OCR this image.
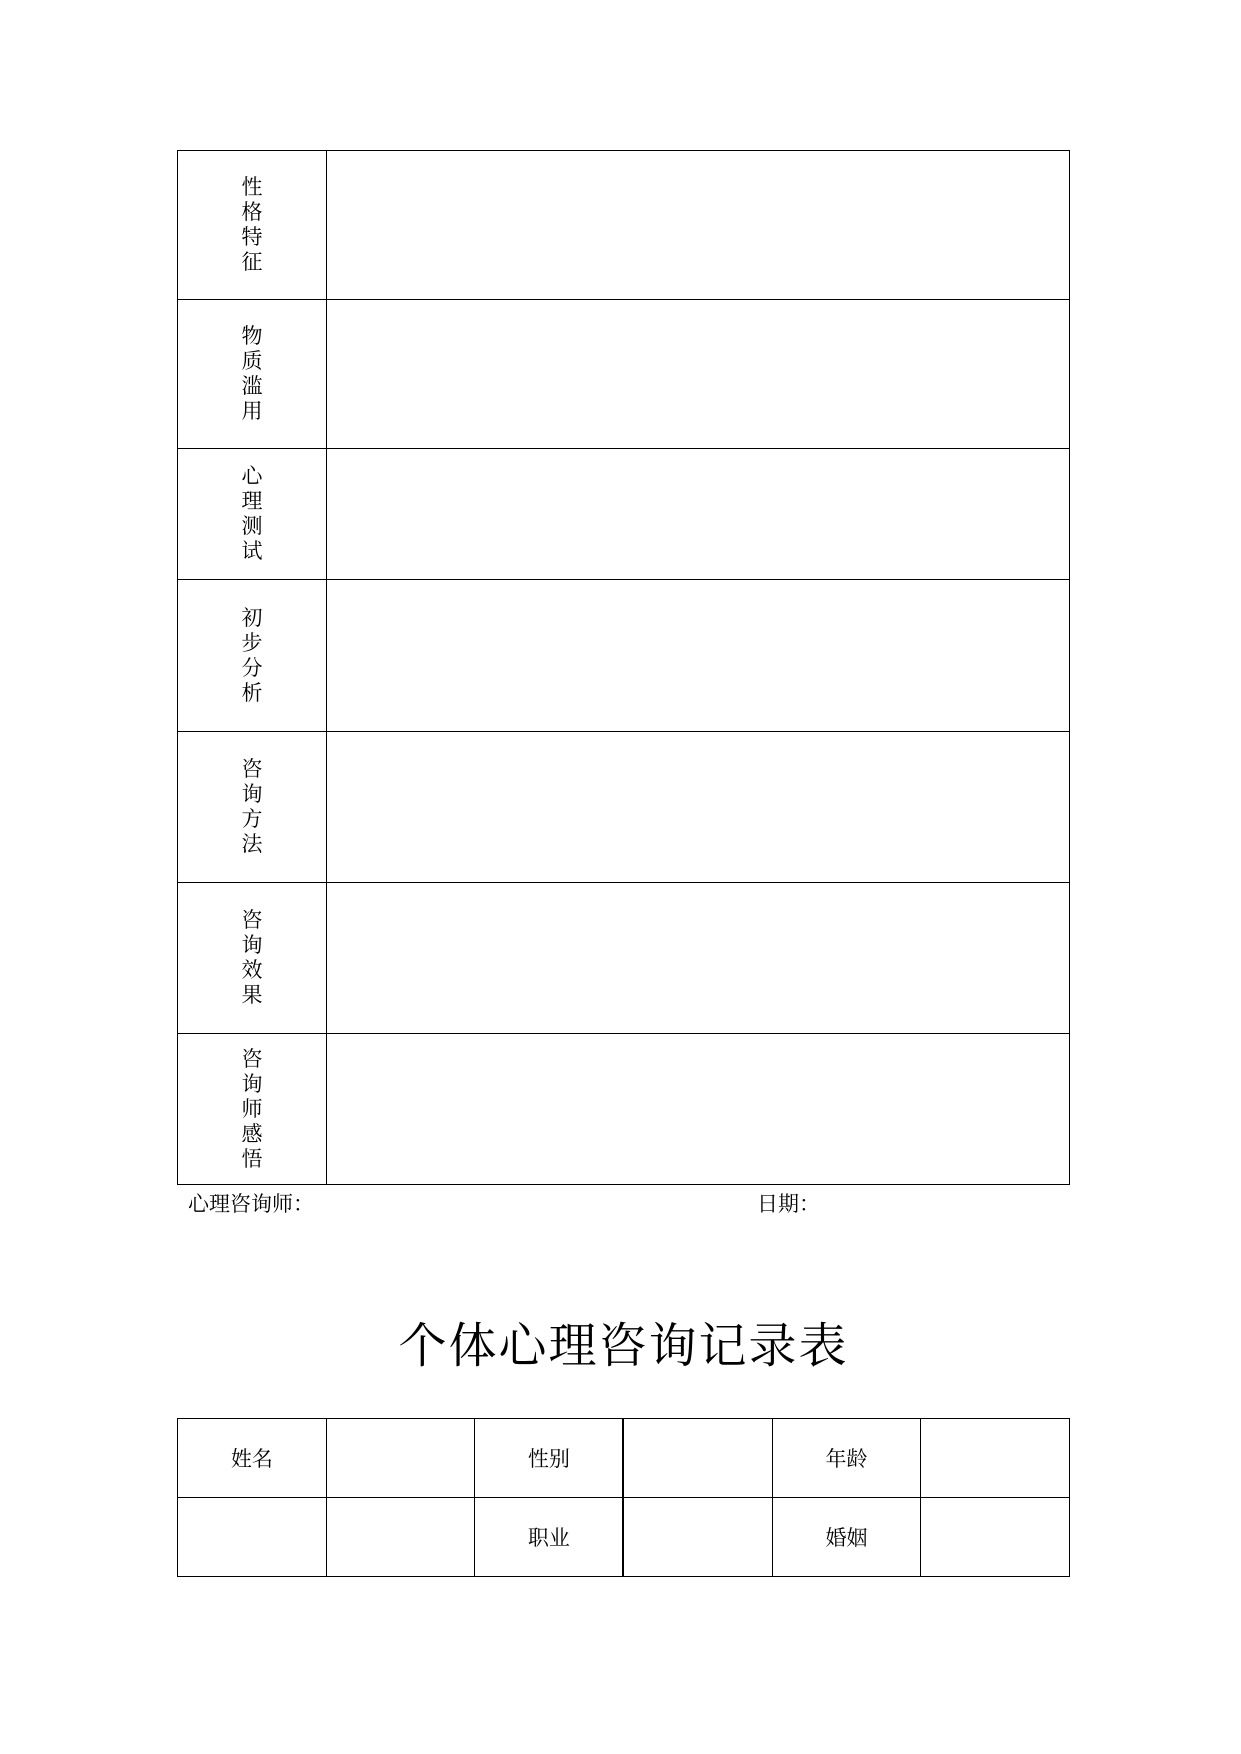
性格特征	
物质滥用	
心理测试	
初步分析	
咨询方法	
咨询效果	
咨询师感悟	
心理咨询师：	日期：
个体心理咨询记录表
姓名		性别		年龄	
		职业		婚姻	
